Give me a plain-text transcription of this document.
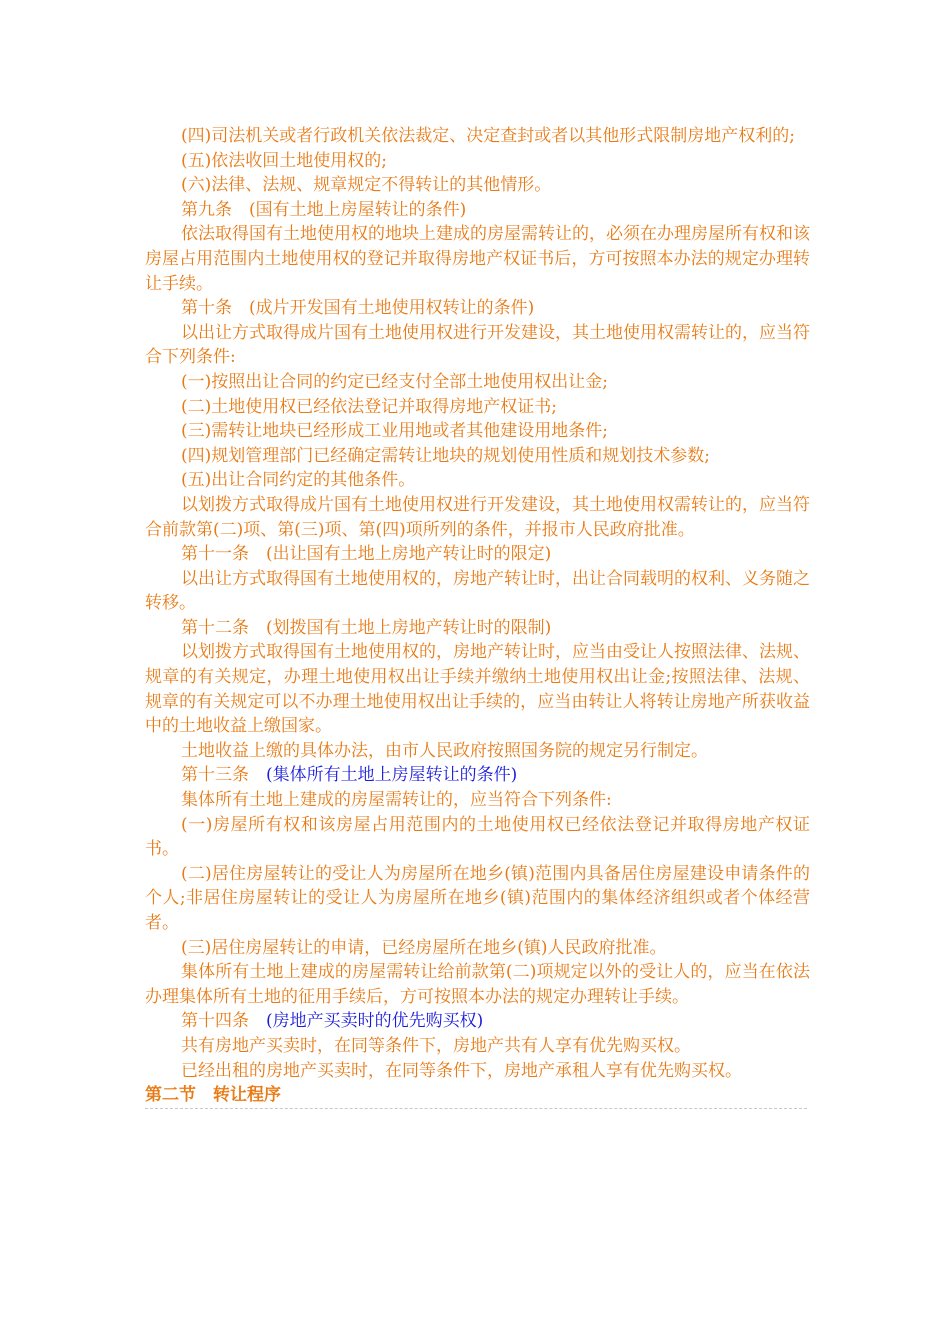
(四)司法机关或者行政机关依法裁定、决定查封或者以其他形式限制房地产权利的;
(五)依法收回土地使用权的;
(六)法律、法规、规章规定不得转让的其他情形。
第九条 (国有土地上房屋转让的条件)
依法取得国有土地使用权的地块上建成的房屋需转让的，必须在办理房屋所有权和该房屋占用范围内土地使用权的登记并取得房地产权证书后，方可按照本办法的规定办理转让手续。
第十条 (成片开发国有土地使用权转让的条件)
以出让方式取得成片国有土地使用权进行开发建设，其土地使用权需转让的，应当符合下列条件:
(一)按照出让合同的约定已经支付全部土地使用权出让金;
(二)土地使用权已经依法登记并取得房地产权证书;
(三)需转让地块已经形成工业用地或者其他建设用地条件;
(四)规划管理部门已经确定需转让地块的规划使用性质和规划技术参数;
(五)出让合同约定的其他条件。
以划拨方式取得成片国有土地使用权进行开发建设，其土地使用权需转让的，应当符合前款第(二)项、第(三)项、第(四)项所列的条件，并报市人民政府批准。
第十一条 (出让国有土地上房地产转让时的限定)
以出让方式取得国有土地使用权的，房地产转让时，出让合同载明的权利、义务随之转移。
第十二条 (划拨国有土地上房地产转让时的限制)
以划拨方式取得国有土地使用权的，房地产转让时，应当由受让人按照法律、法规、规章的有关规定，办理土地使用权出让手续并缴纳土地使用权出让金;按照法律、法规、规章的有关规定可以不办理土地使用权出让手续的，应当由转让人将转让房地产所获收益中的土地收益上缴国家。
土地收益上缴的具体办法，由市人民政府按照国务院的规定另行制定。
第十三条 (集体所有土地上房屋转让的条件)
集体所有土地上建成的房屋需转让的，应当符合下列条件:
(一)房屋所有权和该房屋占用范围内的土地使用权已经依法登记并取得房地产权证书。
(二)居住房屋转让的受让人为房屋所在地乡(镇)范围内具备居住房屋建设申请条件的个人;非居住房屋转让的受让人为房屋所在地乡(镇)范围内的集体经济组织或者个体经营者。
(三)居住房屋转让的申请，已经房屋所在地乡(镇)人民政府批准。
集体所有土地上建成的房屋需转让给前款第(二)项规定以外的受让人的，应当在依法办理集体所有土地的征用手续后，方可按照本办法的规定办理转让手续。
第十四条 (房地产买卖时的优先购买权)
共有房地产买卖时，在同等条件下，房地产共有人享有优先购买权。
已经出租的房地产买卖时，在同等条件下，房地产承租人享有优先购买权。
第二节　转让程序
